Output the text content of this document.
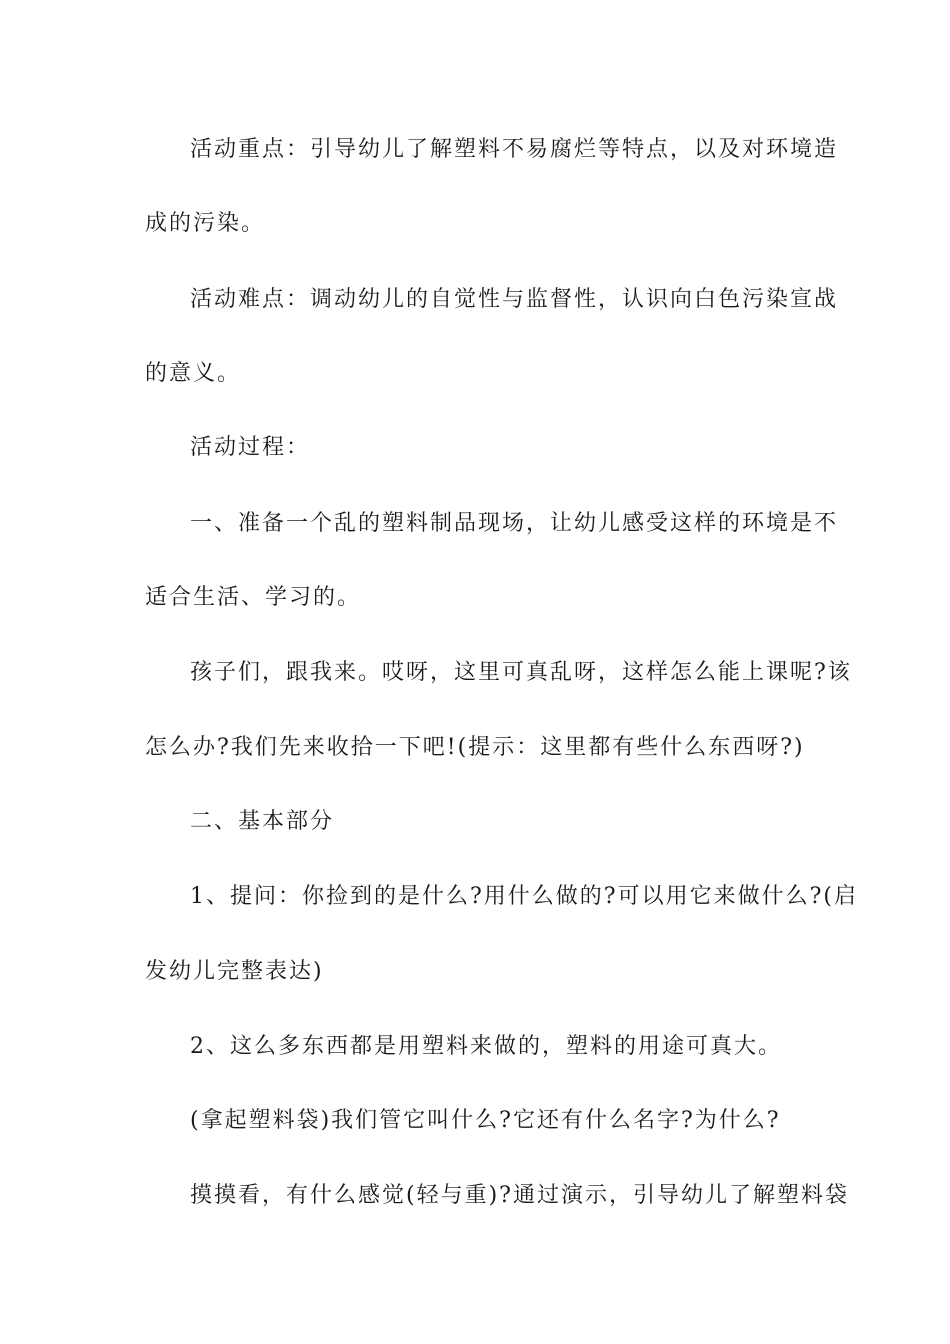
活动重点：引导幼儿了解塑料不易腐烂等特点，以及对环境造
成的污染。
活动难点：调动幼儿的自觉性与监督性，认识向白色污染宣战
的意义。
活动过程：
一、准备一个乱的塑料制品现场，让幼儿感受这样的环境是不
适合生活、学习的。
孩子们，跟我来。哎呀，这里可真乱呀，这样怎么能上课呢?该
怎么办?我们先来收拾一下吧!(提示：这里都有些什么东西呀?)
二、基本部分
1、提问：你捡到的是什么?用什么做的?可以用它来做什么?(启
发幼儿完整表达)
2、这么多东西都是用塑料来做的，塑料的用途可真大。
(拿起塑料袋)我们管它叫什么?它还有什么名字?为什么?
摸摸看，有什么感觉(轻与重)?通过演示，引导幼儿了解塑料袋
